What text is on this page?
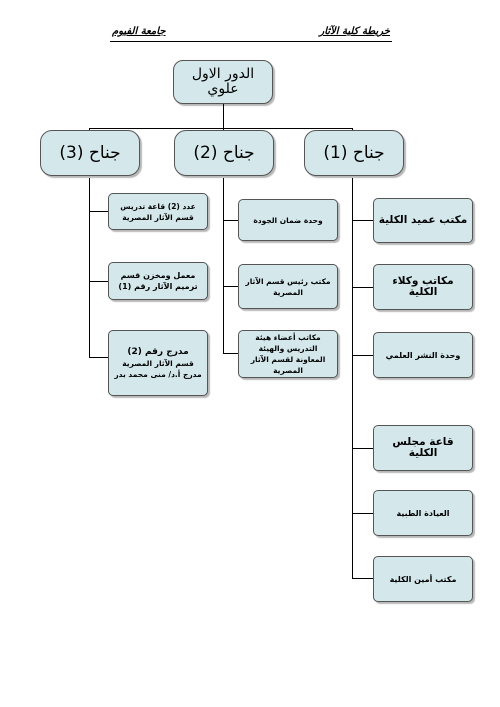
جامعة الفيوم	خريطة كلية الآثار
الدور الاول
علوي
جناح (3)	جناح (2)	جناح (1)
عدد (2) قاعة تدريس قسم الآثار المصرية
معمل ومخزن قسم ترميم الآثار رقم (1)
مدرج رقم (2)
قسم الآثار المصرية
مدرج أ.د/ منى محمد بدر
وحدة ضمان الجودة
مكتب رئيس قسم الآثار المصرية
مكاتب أعضاء هيئة التدريس والهيئة المعاونة لقسم الآثار المصرية
مكتب عميد الكلية
مكاتب وكلاء الكلية
وحدة النشر العلمي
قاعة مجلس الكلية
العيادة الطبية
مكتب أمين الكلية
